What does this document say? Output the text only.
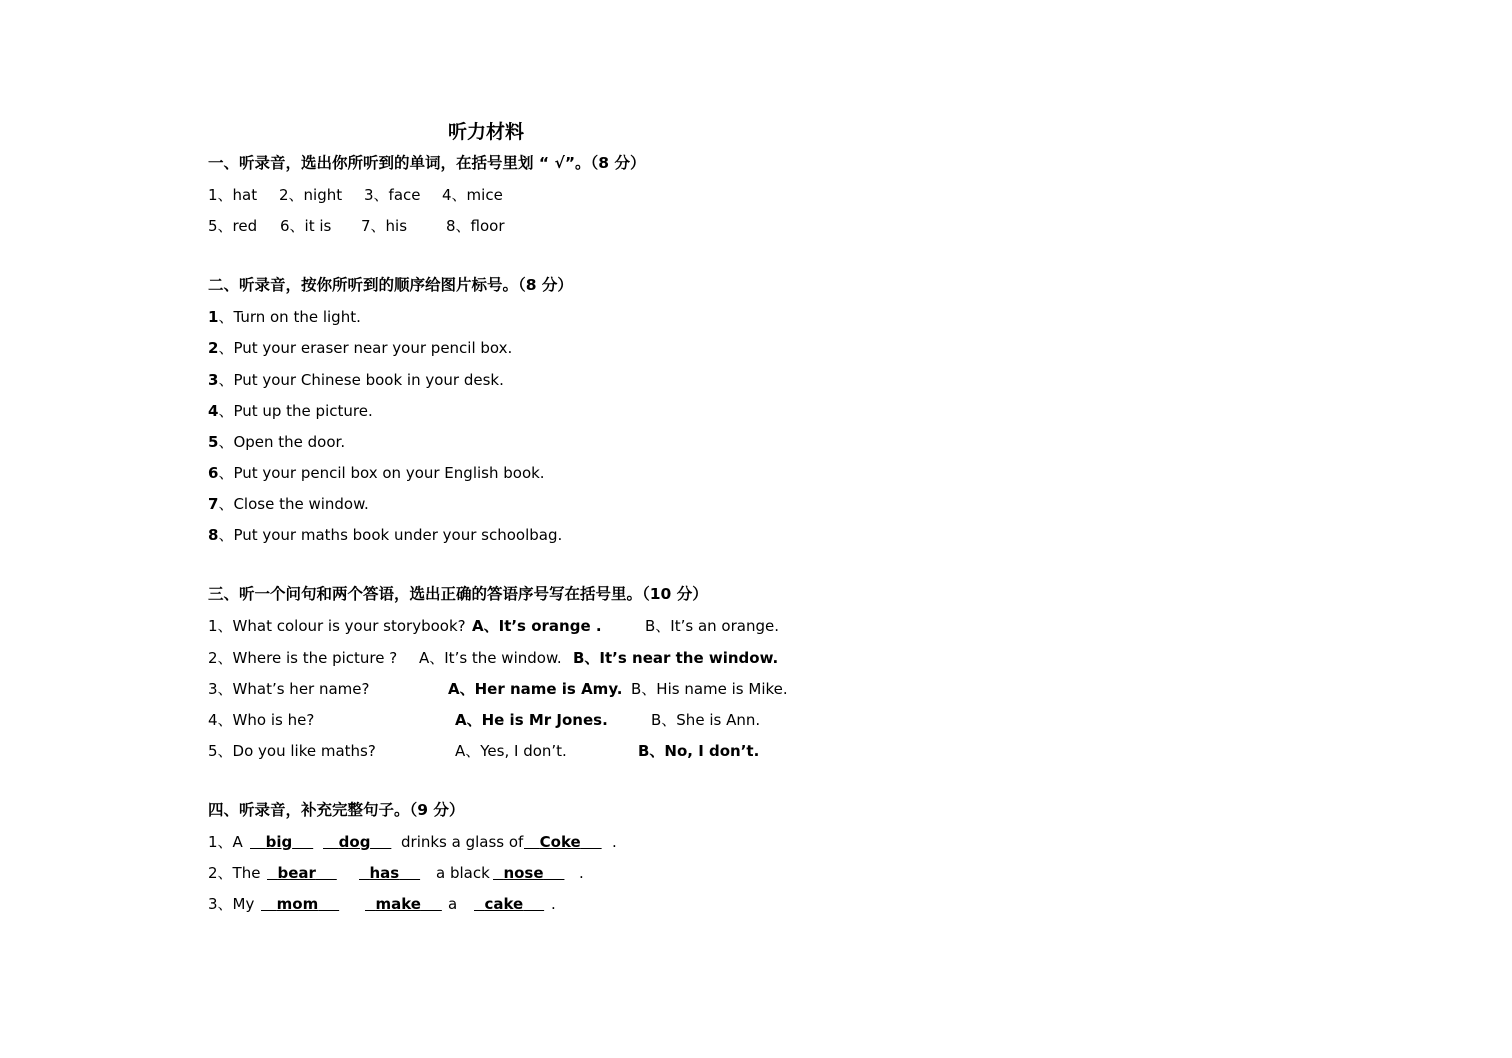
听力材料
一、听录音，选出你所听到的单词，在括号里划 “ √”。（8 分）
1、hat 2、night 3、face 4、mice
5、red 6、it is 7、his	8、floor
二、听录音，按你所听到的顺序给图片标号。（8 分）
1、Turn on the light.
2、Put your eraser near your pencil box.
3、Put your Chinese book in your desk.
4、Put up the picture.
5、Open the door.
6、Put your pencil box on your English book.
7、Close the window.
8、Put your maths book under your schoolbag.
三、听一个问句和两个答语，选出正确的答语序号写在括号里。（10 分）
1、What colour is your storybook? A、It’s orange .	B、It’s an orange.
2、Where is the picture ? A、It’s the window. B、It’s near the window.
3、What’s her name?	A、Her name is Amy. B、His name is Mike.
4、Who is he?	A、He is Mr Jones.	B、She is Ann.
5、Do you like maths?	A、Yes, I don’t.	B、No, I don’t.
四、听录音，补充完整句子。（9 分）
1、A	big	dog	drinks a glass of	Coke	.
2、The	bear	has	a black nose	.
3、My	mom	make	a	cake	.
